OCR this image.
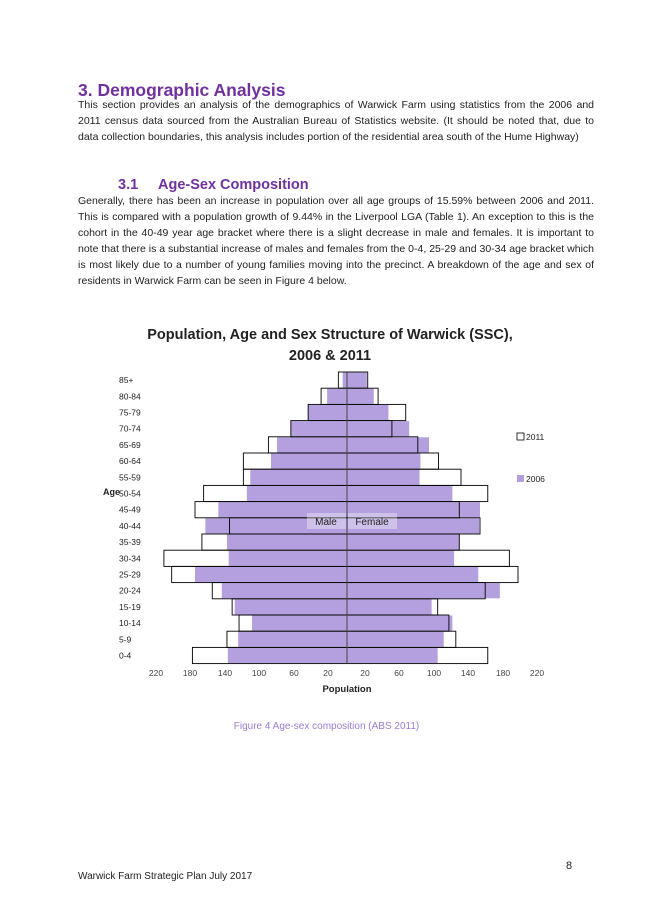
3. Demographic Analysis

This section provides an analysis of the demographics of Warwick Farm using statistics from the 2006 and 2011 census data sourced from the Australian Bureau of Statistics website. (It should be noted that, due to data collection boundaries, this analysis includes portion of the residential area south of the Hume Highway)

3.1 Age-Sex Composition

Generally, there has been an increase in population over all age groups of 15.59% between 2006 and 2011. This is compared with a population growth of 9.44% in the Liverpool LGA (Table 1). An exception to this is the cohort in the 40-49 year age bracket where there is a slight decrease in male and females. It is important to note that there is a substantial increase of males and females from the 0-4, 25-29 and 30-34 age bracket which is most likely due to a number of young families moving into the precinct. A breakdown of the age and sex of residents in Warwick Farm can be seen in Figure 4 below.

Population, Age and Sex Structure of Warwick (SSC),
2006 & 2011
0-4
5-9
10-14
15-19
20-24
25-29
30-34
35-39
40-44
45-49
50-54
55-59
60-64
65-69
70-74
75-79
80-84
85+
220 180 140 100	60	20	20	60	100 140 180 220
Age
Population
Male Female
2011
2006
Figure 4 Age-sex composition (ABS 2011)
8
Warwick Farm Strategic Plan July 2017
